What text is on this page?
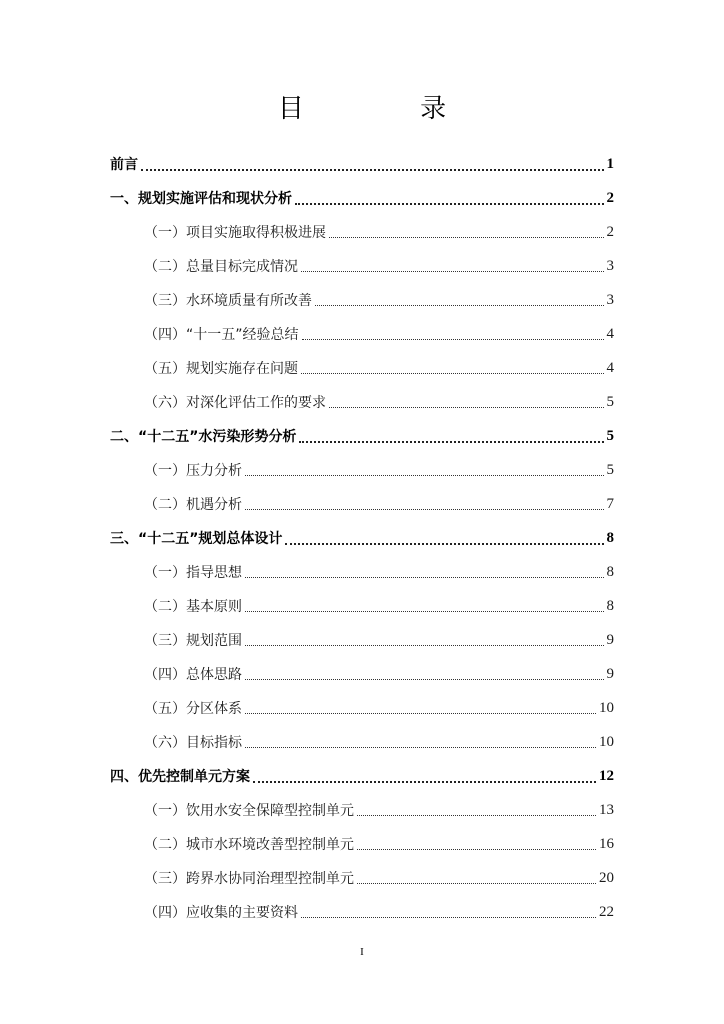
目 录
前言	1
一、规划实施评估和现状分析	2
（一）项目实施取得积极进展	2
（二）总量目标完成情况	3
（三）水环境质量有所改善	3
（四）“十一五”经验总结	4
（五）规划实施存在问题	4
（六）对深化评估工作的要求	5
二、“十二五”水污染形势分析	5
（一）压力分析	5
（二）机遇分析	7
三、“十二五”规划总体设计	8
（一）指导思想	8
（二）基本原则	8
（三）规划范围	9
（四）总体思路	9
（五）分区体系	10
（六）目标指标	10
四、优先控制单元方案	12
（一）饮用水安全保障型控制单元	13
（二）城市水环境改善型控制单元	16
（三）跨界水协同治理型控制单元	20
（四）应收集的主要资料	22
I
